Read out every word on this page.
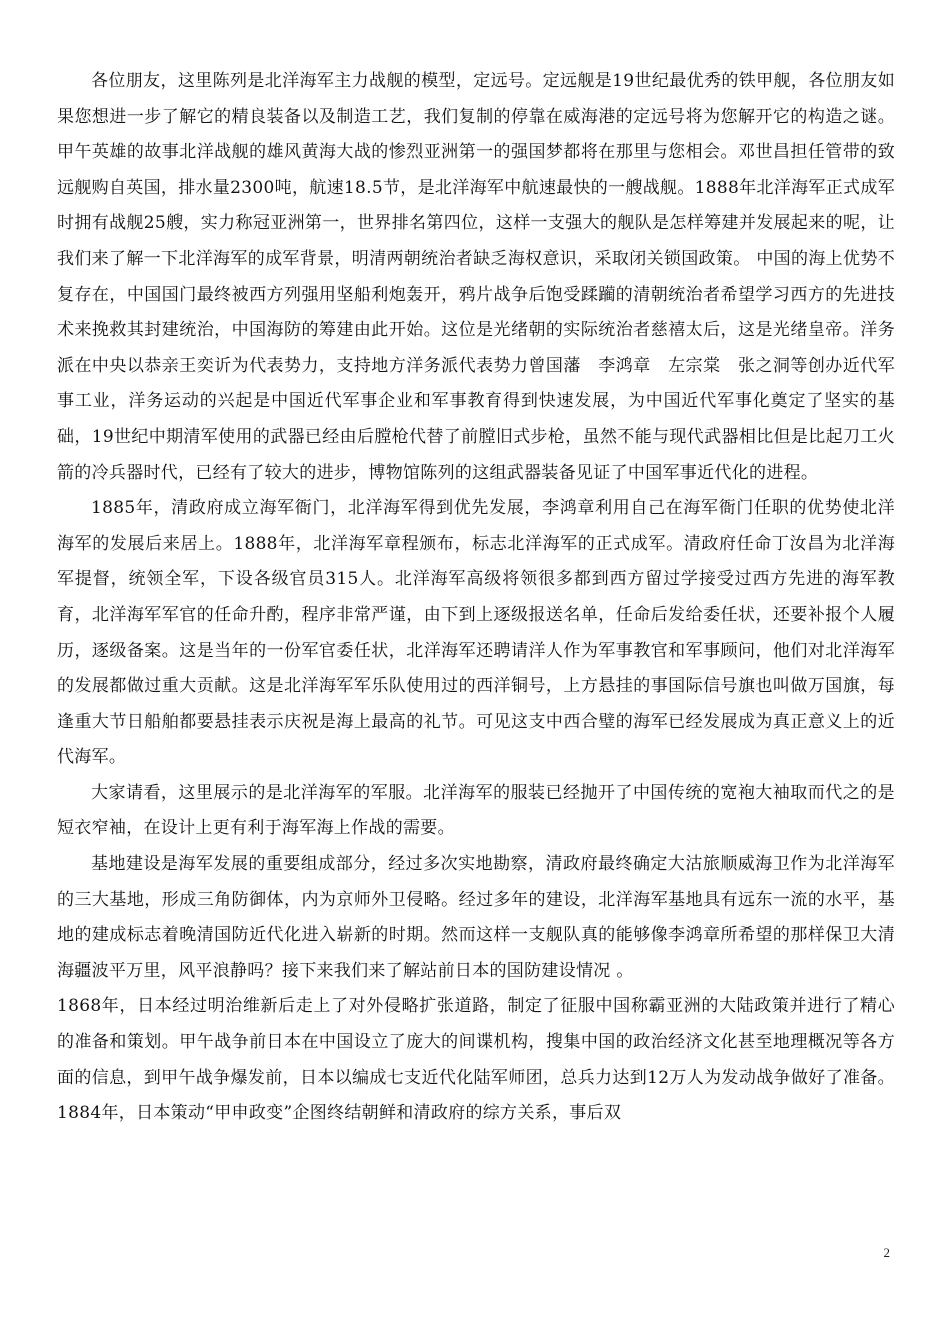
各位朋友，这里陈列是北洋海军主力战舰的模型，定远号。定远舰是19世纪最优秀的铁甲舰，各位朋友如果您想进一步了解它的精良装备以及制造工艺，我们复制的停靠在威海港的定远号将为您解开它的构造之谜。甲午英雄的故事北洋战舰的雄风黄海大战的惨烈亚洲第一的强国梦都将在那里与您相会。邓世昌担任管带的致远舰购自英国，排水量2300吨，航速18.5节，是北洋海军中航速最快的一艘战舰。1888年北洋海军正式成军时拥有战舰25艘，实力称冠亚洲第一，世界排名第四位，这样一支强大的舰队是怎样筹建并发展起来的呢，让我们来了解一下北洋海军的成军背景，明清两朝统治者缺乏海权意识，采取闭关锁国政策。 中国的海上优势不复存在，中国国门最终被西方列强用坚船利炮轰开，鸦片战争后饱受蹂躏的清朝统治者希望学习西方的先进技术来挽救其封建统治，中国海防的筹建由此开始。这位是光绪朝的实际统治者慈禧太后，这是光绪皇帝。洋务派在中央以恭亲王奕䜣为代表势力，支持地方洋务派代表势力曾国藩　李鸿章　左宗棠　张之洞等创办近代军事工业，洋务运动的兴起是中国近代军事企业和军事教育得到快速发展，为中国近代军事化奠定了坚实的基础，19世纪中期清军使用的武器已经由后膛枪代替了前膛旧式步枪，虽然不能与现代武器相比但是比起刀工火箭的冷兵器时代，已经有了较大的进步，博物馆陈列的这组武器装备见证了中国军事近代化的进程。

1885年，清政府成立海军衙门，北洋海军得到优先发展，李鸿章利用自己在海军衙门任职的优势使北洋海军的发展后来居上。1888年，北洋海军章程颁布，标志北洋海军的正式成军。清政府任命丁汝昌为北洋海军提督，统领全军，下设各级官员315人。北洋海军高级将领很多都到西方留过学接受过西方先进的海军教育，北洋海军军官的任命升酌，程序非常严谨，由下到上逐级报送名单，任命后发给委任状，还要补报个人履历，逐级备案。这是当年的一份军官委任状，北洋海军还聘请洋人作为军事教官和军事顾问，他们对北洋海军的发展都做过重大贡献。这是北洋海军军乐队使用过的西洋铜号，上方悬挂的事国际信号旗也叫做万国旗，每逢重大节日船舶都要悬挂表示庆祝是海上最高的礼节。可见这支中西合璧的海军已经发展成为真正意义上的近代海军。

大家请看，这里展示的是北洋海军的军服。北洋海军的服装已经抛开了中国传统的宽袍大袖取而代之的是短衣窄袖，在设计上更有利于海军海上作战的需要。

基地建设是海军发展的重要组成部分，经过多次实地勘察，清政府最终确定大沽旅顺威海卫作为北洋海军的三大基地，形成三角防御体，内为京师外卫侵略。经过多年的建设，北洋海军基地具有远东一流的水平，基地的建成标志着晚清国防近代化进入崭新的时期。然而这样一支舰队真的能够像李鸿章所希望的那样保卫大清海疆波平万里，风平浪静吗？接下来我们来了解站前日本的国防建设情况 。

1868年，日本经过明治维新后走上了对外侵略扩张道路，制定了征服中国称霸亚洲的大陆政策并进行了精心的准备和策划。甲午战争前日本在中国设立了庞大的间谍机构，搜集中国的政治经济文化甚至地理概况等各方面的信息，到甲午战争爆发前，日本以编成七支近代化陆军师团，总兵力达到12万人为发动战争做好了准备。1884年，日本策动“甲申政变”企图终结朝鲜和清政府的综方关系，事后双

2
